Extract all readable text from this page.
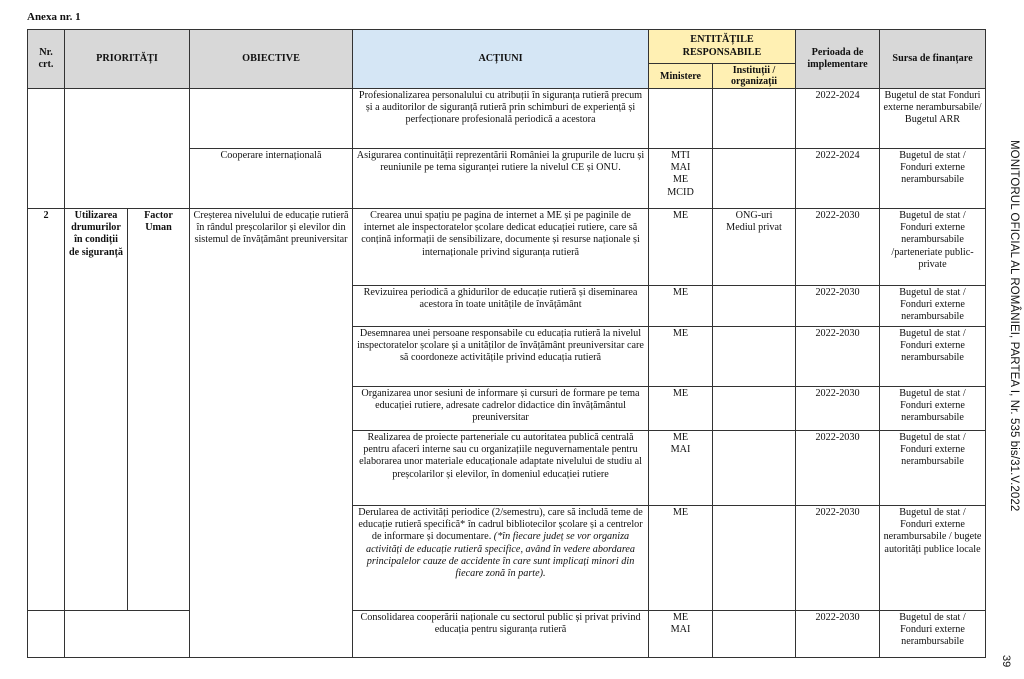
Anexa nr. 1
Nr. crt.	PRIORITĂȚI		OBIECTIVE	ACȚIUNI	ENTITĂȚILE RESPONSABILE		Perioada de implementare	Sursa de finanțare
					Ministere	Instituții / organizații		
				Profesionalizarea personalului cu atribuții în siguranța rutieră precum și a auditorilor de siguranță rutieră prin schimburi de experiență și perfecționare profesională periodică a acestora			2022-2024	Bugetul de stat Fonduri externe nerambursabile/ Bugetul ARR
			Cooperare internațională	Asigurarea continuității reprezentării României la grupurile de lucru și reuniunile pe tema siguranței rutiere la nivelul CE și ONU.	MTI
MAI
ME
MCID		2022-2024	Bugetul de stat / Fonduri externe nerambursabile
2	Utilizarea drumurilor în condiții de siguranță	Factor Uman	Creșterea nivelului de educație rutieră în rândul preșcolarilor și elevilor din sistemul de învățământ preuniversitar	Crearea unui spațiu pe pagina de internet a ME și pe paginile de internet ale inspectoratelor școlare dedicat educației rutiere, care să conțină informații de sensibilizare, documente și resurse naționale și internaționale privind siguranța rutieră	ME	ONG-uri
Mediul privat	2022-2030	Bugetul de stat / Fonduri externe nerambursabile /parteneriate public-private
				Revizuirea periodică a ghidurilor de educație rutieră și diseminarea acestora în toate unitățile de învățământ	ME		2022-2030	Bugetul de stat / Fonduri externe nerambursabile
				Desemnarea unei persoane responsabile cu educația rutieră la nivelul inspectoratelor școlare și a unităților de învățământ preuniversitar care să coordoneze activitățile privind educația rutieră	ME		2022-2030	Bugetul de stat / Fonduri externe nerambursabile
				Organizarea unor sesiuni de informare și cursuri de formare pe tema educației rutiere, adresate cadrelor didactice din învățământul preuniversitar	ME		2022-2030	Bugetul de stat / Fonduri externe nerambursabile
				Realizarea de proiecte parteneriale cu autoritatea publică centrală pentru afaceri interne sau cu organizațiile neguvernamentale pentru elaborarea unor materiale educaționale adaptate nivelului de studiu al preșcolarilor și elevilor, în domeniul educației rutiere	ME
MAI		2022-2030	Bugetul de stat / Fonduri externe nerambursabile
				Derularea de activități periodice (2/semestru), care să includă teme de educație rutieră specifică* în cadrul bibliotecilor școlare și a centrelor de informare și documentare. (*în fiecare județ se vor organiza activități de educație rutieră specifice, având în vedere abordarea principalelor cauze de accidente în care sunt implicați minori din fiecare zonă în parte).	ME		2022-2030	Bugetul de stat / Fonduri externe nerambursabile / bugete autorități publice locale
				Consolidarea cooperării naționale cu sectorul public și privat privind educația pentru siguranța rutieră	ME
MAI		2022-2030	Bugetul de stat / Fonduri externe nerambursabile
MONITORUL OFICIAL AL ROMÂNIEI, PARTEA I, Nr. 535 bis/31.V.2022
39
